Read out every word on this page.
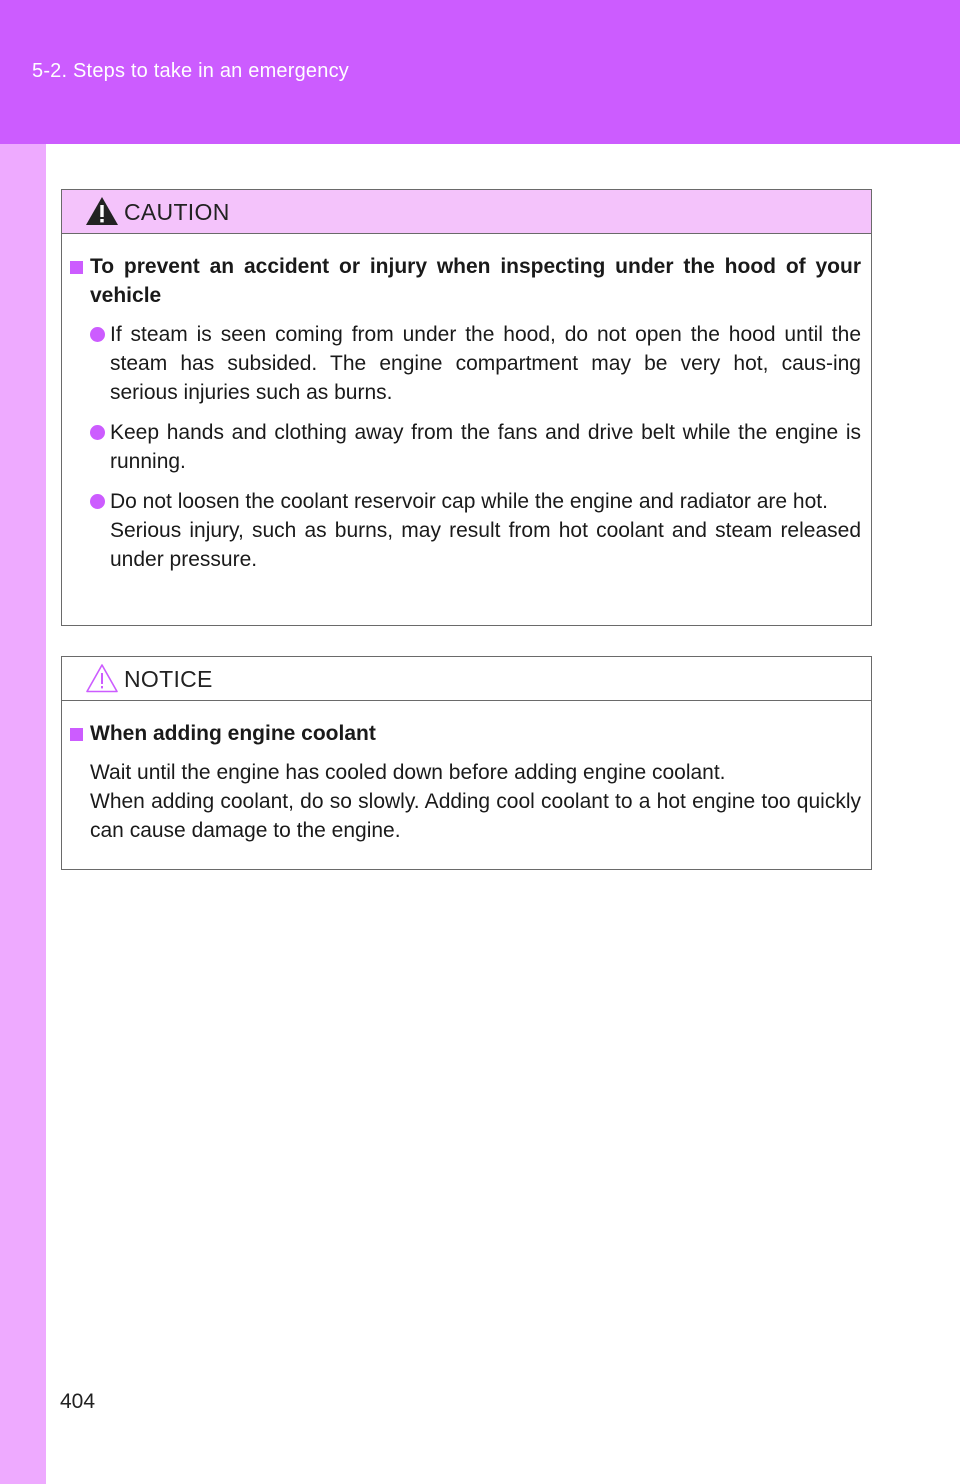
5-2. Steps to take in an emergency
CAUTION
To prevent an accident or injury when inspecting under the hood of your vehicle
If steam is seen coming from under the hood, do not open the hood until the steam has subsided. The engine compartment may be very hot, caus-ing serious injuries such as burns.
Keep hands and clothing away from the fans and drive belt while the engine is running.
Do not loosen the coolant reservoir cap while the engine and radiator are hot.
Serious injury, such as burns, may result from hot coolant and steam released under pressure.
NOTICE
When adding engine coolant
Wait until the engine has cooled down before adding engine coolant.
When adding coolant, do so slowly. Adding cool coolant to a hot engine too quickly can cause damage to the engine.
404
